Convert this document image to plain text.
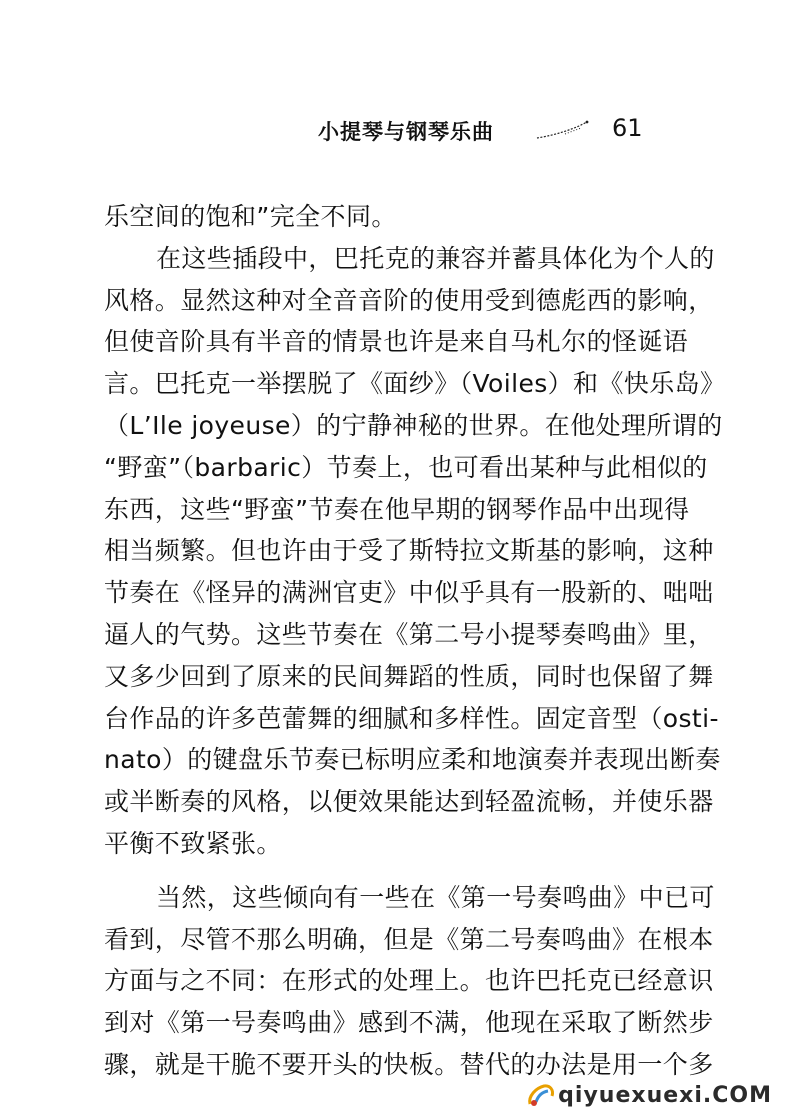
小提琴与钢琴乐曲	61
乐空间的饱和”完全不同。
在这些插段中，巴托克的兼容并蓄具体化为个人的
风格。显然这种对全音音阶的使用受到德彪西的影响，
但使音阶具有半音的情景也许是来自马札尔的怪诞语
言。巴托克一举摆脱了《面纱》（Voiles）和《快乐岛》
（L’Ile joyeuse）的宁静神秘的世界。在他处理所谓的
“野蛮”（barbaric）节奏上，也可看出某种与此相似的
东西，这些“野蛮”节奏在他早期的钢琴作品中出现得
相当频繁。但也许由于受了斯特拉文斯基的影响，这种
节奏在《怪异的满洲官吏》中似乎具有一股新的、咄咄
逼人的气势。这些节奏在《第二号小提琴奏鸣曲》里，
又多少回到了原来的民间舞蹈的性质，同时也保留了舞
台作品的许多芭蕾舞的细腻和多样性。固定音型（osti-
nato）的键盘乐节奏已标明应柔和地演奏并表现出断奏
或半断奏的风格，以便效果能达到轻盈流畅，并使乐器
平衡不致紧张。
当然，这些倾向有一些在《第一号奏鸣曲》中已可
看到，尽管不那么明确，但是《第二号奏鸣曲》在根本
方面与之不同：在形式的处理上。也许巴托克已经意识
到对《第一号奏鸣曲》感到不满，他现在采取了断然步
骤，就是干脆不要开头的快板。替代的办法是用一个多
qiyuexuexi.COM
